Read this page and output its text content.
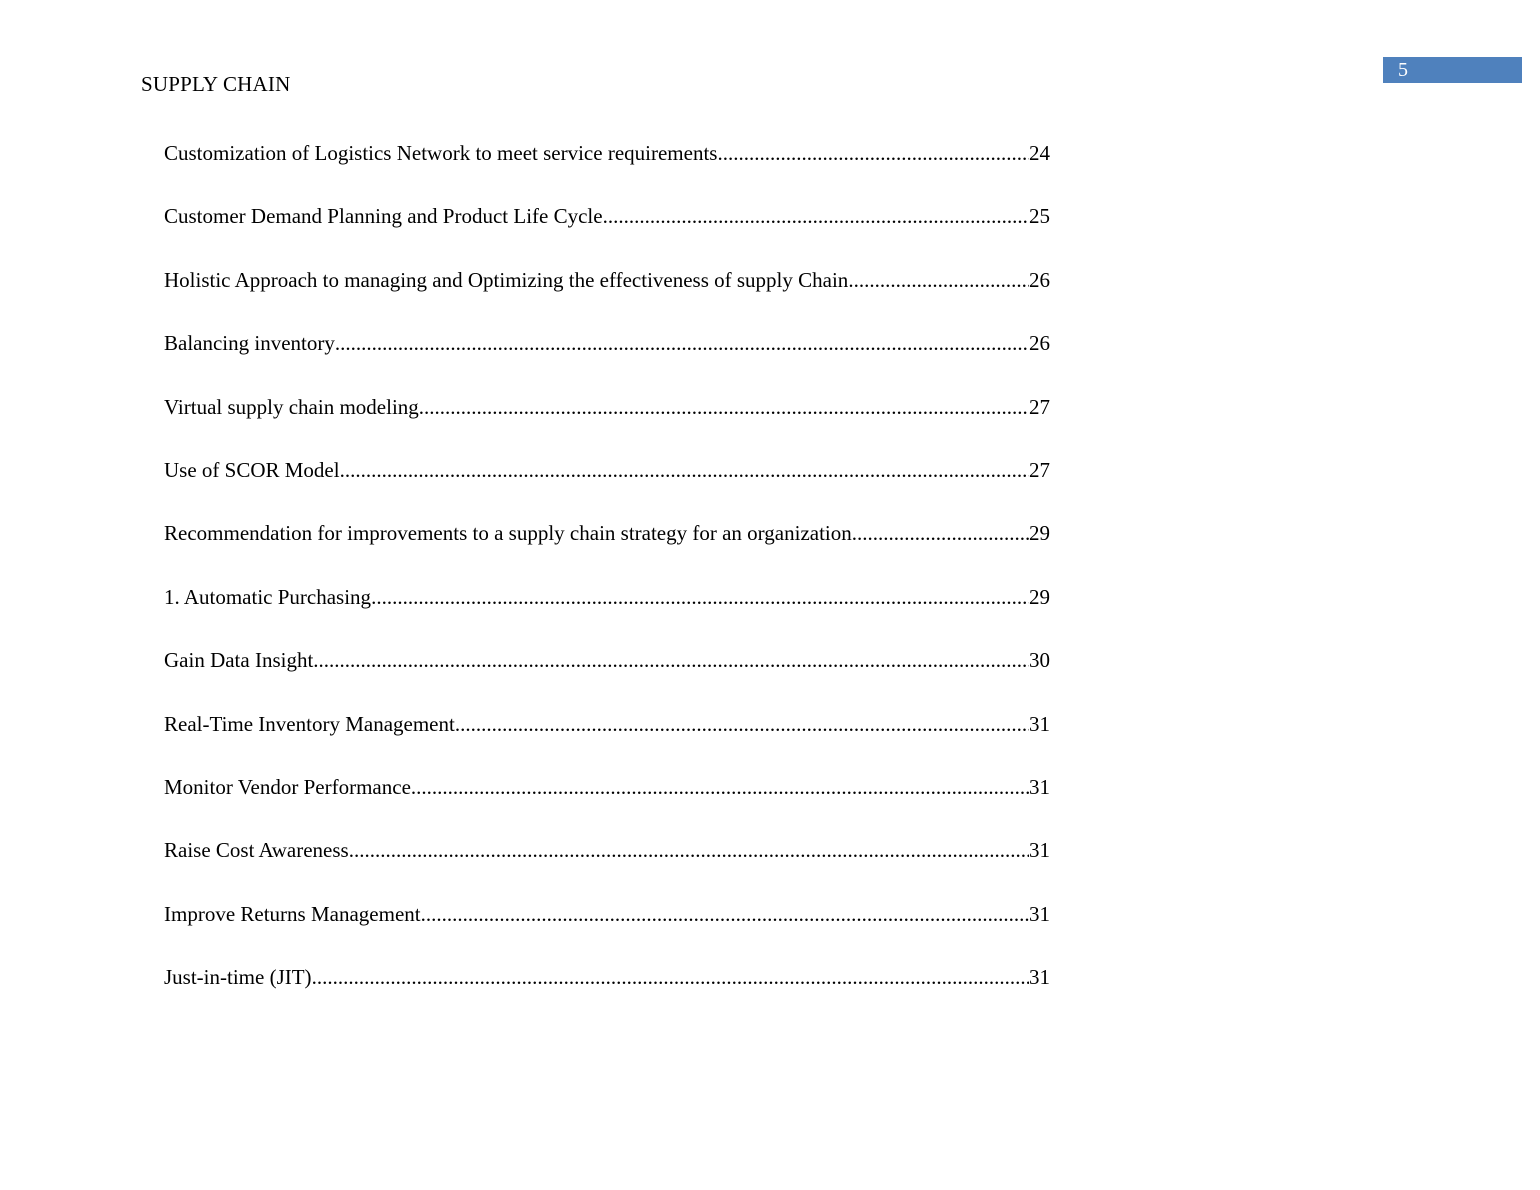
SUPPLY CHAIN
5
Customization of Logistics Network to meet service requirements .....	24
Customer Demand Planning and Product Life Cycle .....	25
Holistic Approach to managing and Optimizing the effectiveness of supply Chain .....	26
Balancing inventory .....	26
Virtual supply chain modeling .....	27
Use of SCOR Model .....	27
Recommendation for improvements to a supply chain strategy for an organization .....	29
1. Automatic Purchasing .....	29
Gain Data Insight .....	30
Real-Time Inventory Management .....	31
Monitor Vendor Performance .....	31
Raise Cost Awareness .....	31
Improve Returns Management .....	31
Just-in-time (JIT) .....	31
